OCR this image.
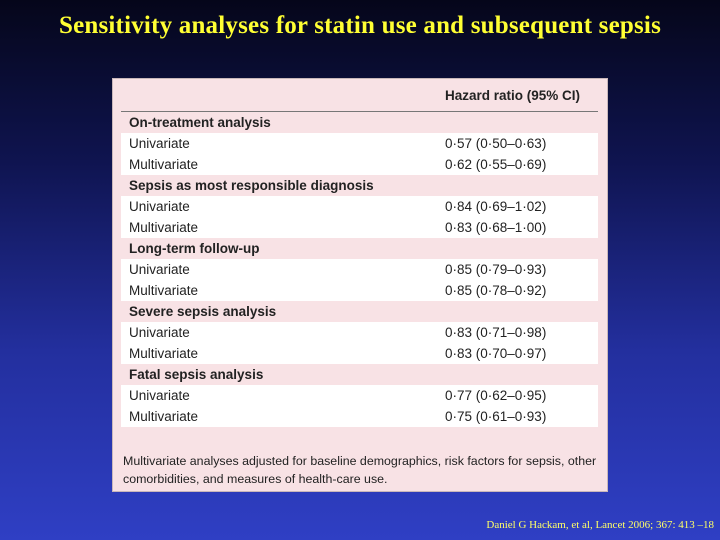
Sensitivity analyses for statin use and subsequent sepsis
Hazard ratio (95% CI)
On-treatment analysis
Univariate	0·57 (0·50–0·63)
Multivariate	0·62 (0·55–0·69)
Sepsis as most responsible diagnosis
Univariate	0·84 (0·69–1·02)
Multivariate	0·83 (0·68–1·00)
Long-term follow-up
Univariate	0·85 (0·79–0·93)
Multivariate	0·85 (0·78–0·92)
Severe sepsis analysis
Univariate	0·83 (0·71–0·98)
Multivariate	0·83 (0·70–0·97)
Fatal sepsis analysis
Univariate	0·77 (0·62–0·95)
Multivariate	0·75 (0·61–0·93)
Multivariate analyses adjusted for baseline demographics, risk factors for sepsis, other comorbidities, and measures of health-care use.
Daniel G Hackam, et al, Lancet 2006; 367: 413 –18
